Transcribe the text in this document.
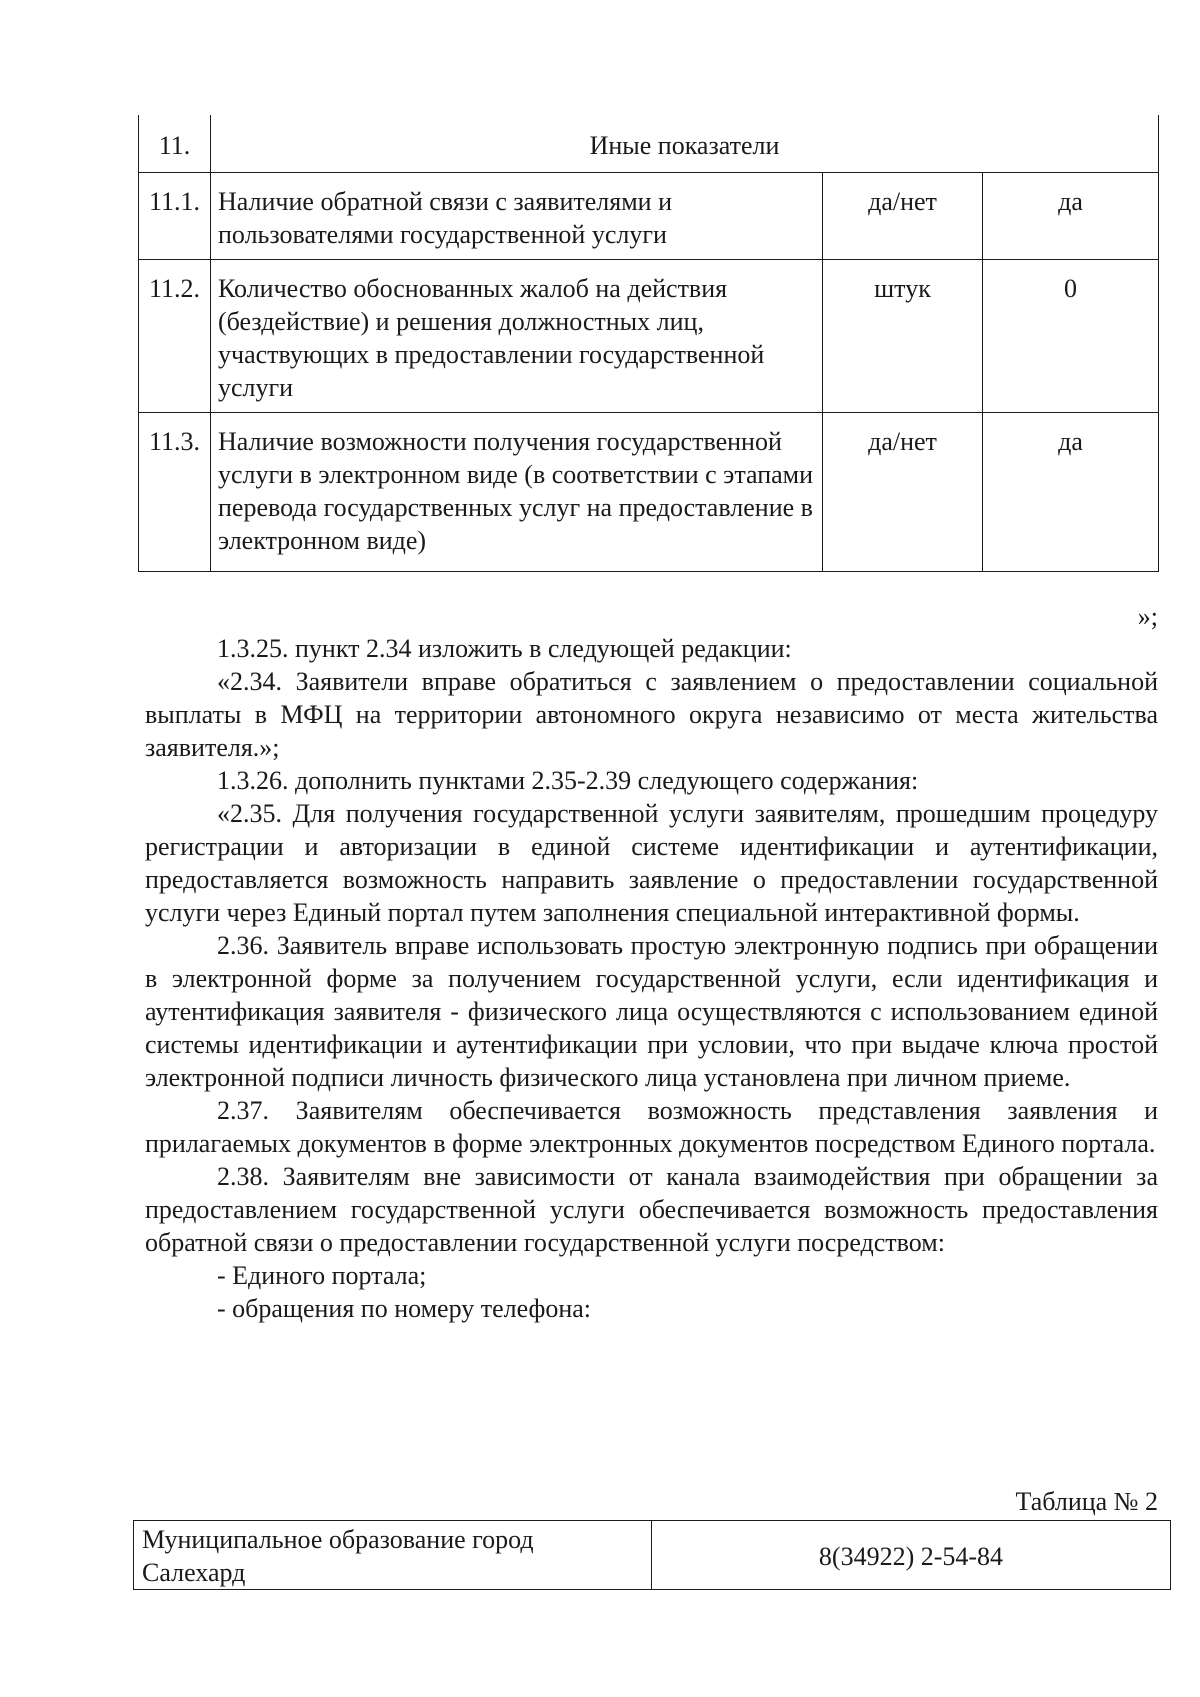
11.	Иные показатели		
11.1.	Наличие обратной связи с заявителями и пользователями государственной услуги	да/нет	да
11.2.	Количество обоснованных жалоб на действия (бездействие) и решения должностных лиц, участвующих в предоставлении государственной услуги	штук	0
11.3.	Наличие возможности получения государственной услуги в электронном виде (в соответствии с этапами перевода государственных услуг на предоставление в электронном виде)	да/нет	да
»;

1.3.25. пункт 2.34 изложить в следующей редакции:

«2.34. Заявители вправе обратиться с заявлением о предоставлении социальной выплаты в МФЦ на территории автономного округа независимо от места жительства заявителя.»;

1.3.26. дополнить пунктами 2.35-2.39 следующего содержания:

«2.35. Для получения государственной услуги заявителям, прошедшим процедуру регистрации и авторизации в единой системе идентификации и аутентификации, предоставляется возможность направить заявление о предоставлении государственной услуги через Единый портал путем заполнения специальной интерактивной формы.

2.36. Заявитель вправе использовать простую электронную подпись при обращении в электронной форме за получением государственной услуги, если идентификация и аутентификация заявителя - физического лица осуществляются с использованием единой системы идентификации и аутентификации при условии, что при выдаче ключа простой электронной подписи личность физического лица установлена при личном приеме.

2.37. Заявителям обеспечивается возможность представления заявления и прилагаемых документов в форме электронных документов посредством Единого портала.

2.38. Заявителям вне зависимости от канала взаимодействия при обращении за предоставлением государственной услуги обеспечивается возможность предоставления обратной связи о предоставлении государственной услуги посредством:

- Единого портала;

- обращения по номеру телефона:

Таблица № 2
Муниципальное образование город Салехард	8(34922) 2-54-84
